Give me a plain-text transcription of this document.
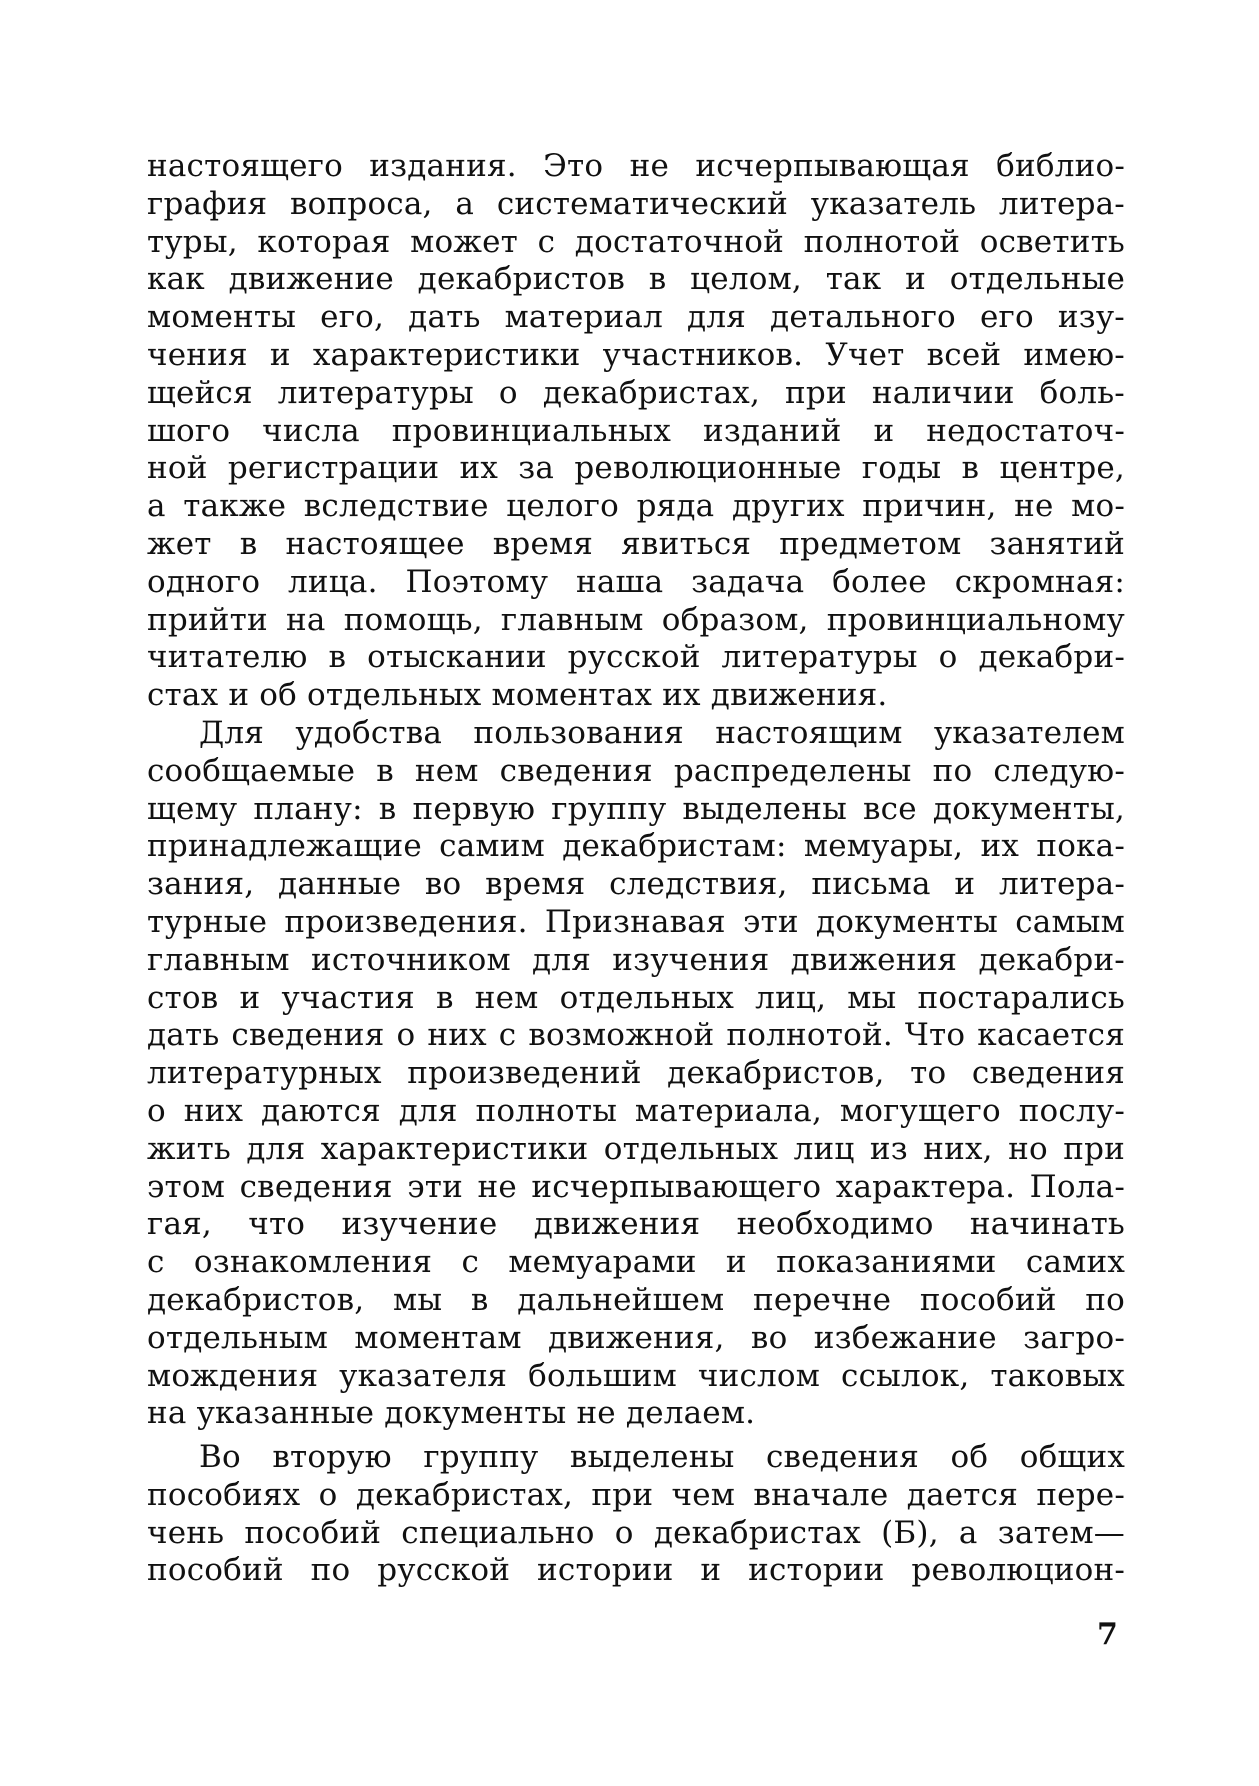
настоящего издания. Это не исчерпывающая библио-
графия вопроса, а систематический указатель литера-
туры, которая может с достаточной полнотой осветить
как движение декабристов в целом, так и отдельные
моменты его, дать материал для детального его изу-
чения и характеристики участников. Учет всей имею-
щейся литературы о декабристах, при наличии боль-
шого числа провинциальных изданий и недостаточ-
ной регистрации их за революционные годы в центре,
а также вследствие целого ряда других причин, не мо-
жет в настоящее время явиться предметом занятий
одного лица. Поэтому наша задача более скромная:
прийти на помощь, главным образом, провинциальному
читателю в отыскании русской литературы о декабри-
стах и об отдельных моментах их движения.
Для удобства пользования настоящим указателем
сообщаемые в нем сведения распределены по следую-
щему плану: в первую группу выделены все документы,
принадлежащие самим декабристам: мемуары, их пока-
зания, данные во время следствия, письма и литера-
турные произведения. Признавая эти документы самым
главным источником для изучения движения декабри-
стов и участия в нем отдельных лиц, мы постарались
дать сведения о них с возможной полнотой. Что касается
литературных произведений декабристов, то сведения
о них даются для полноты материала, могущего послу-
жить для характеристики отдельных лиц из них, но при
этом сведения эти не исчерпывающего характера. Пола-
гая, что изучение движения необходимо начинать
с ознакомления с мемуарами и показаниями самих
декабристов, мы в дальнейшем перечне пособий по
отдельным моментам движения, во избежание загро-
мождения указателя большим числом ссылок, таковых
на указанные документы не делаем.
Во вторую группу выделены сведения об общих
пособиях о декабристах, при чем вначале дается пере-
чень пособий специально о декабристах (Б), а затем—
пособий по русской истории и истории революцион-
7
